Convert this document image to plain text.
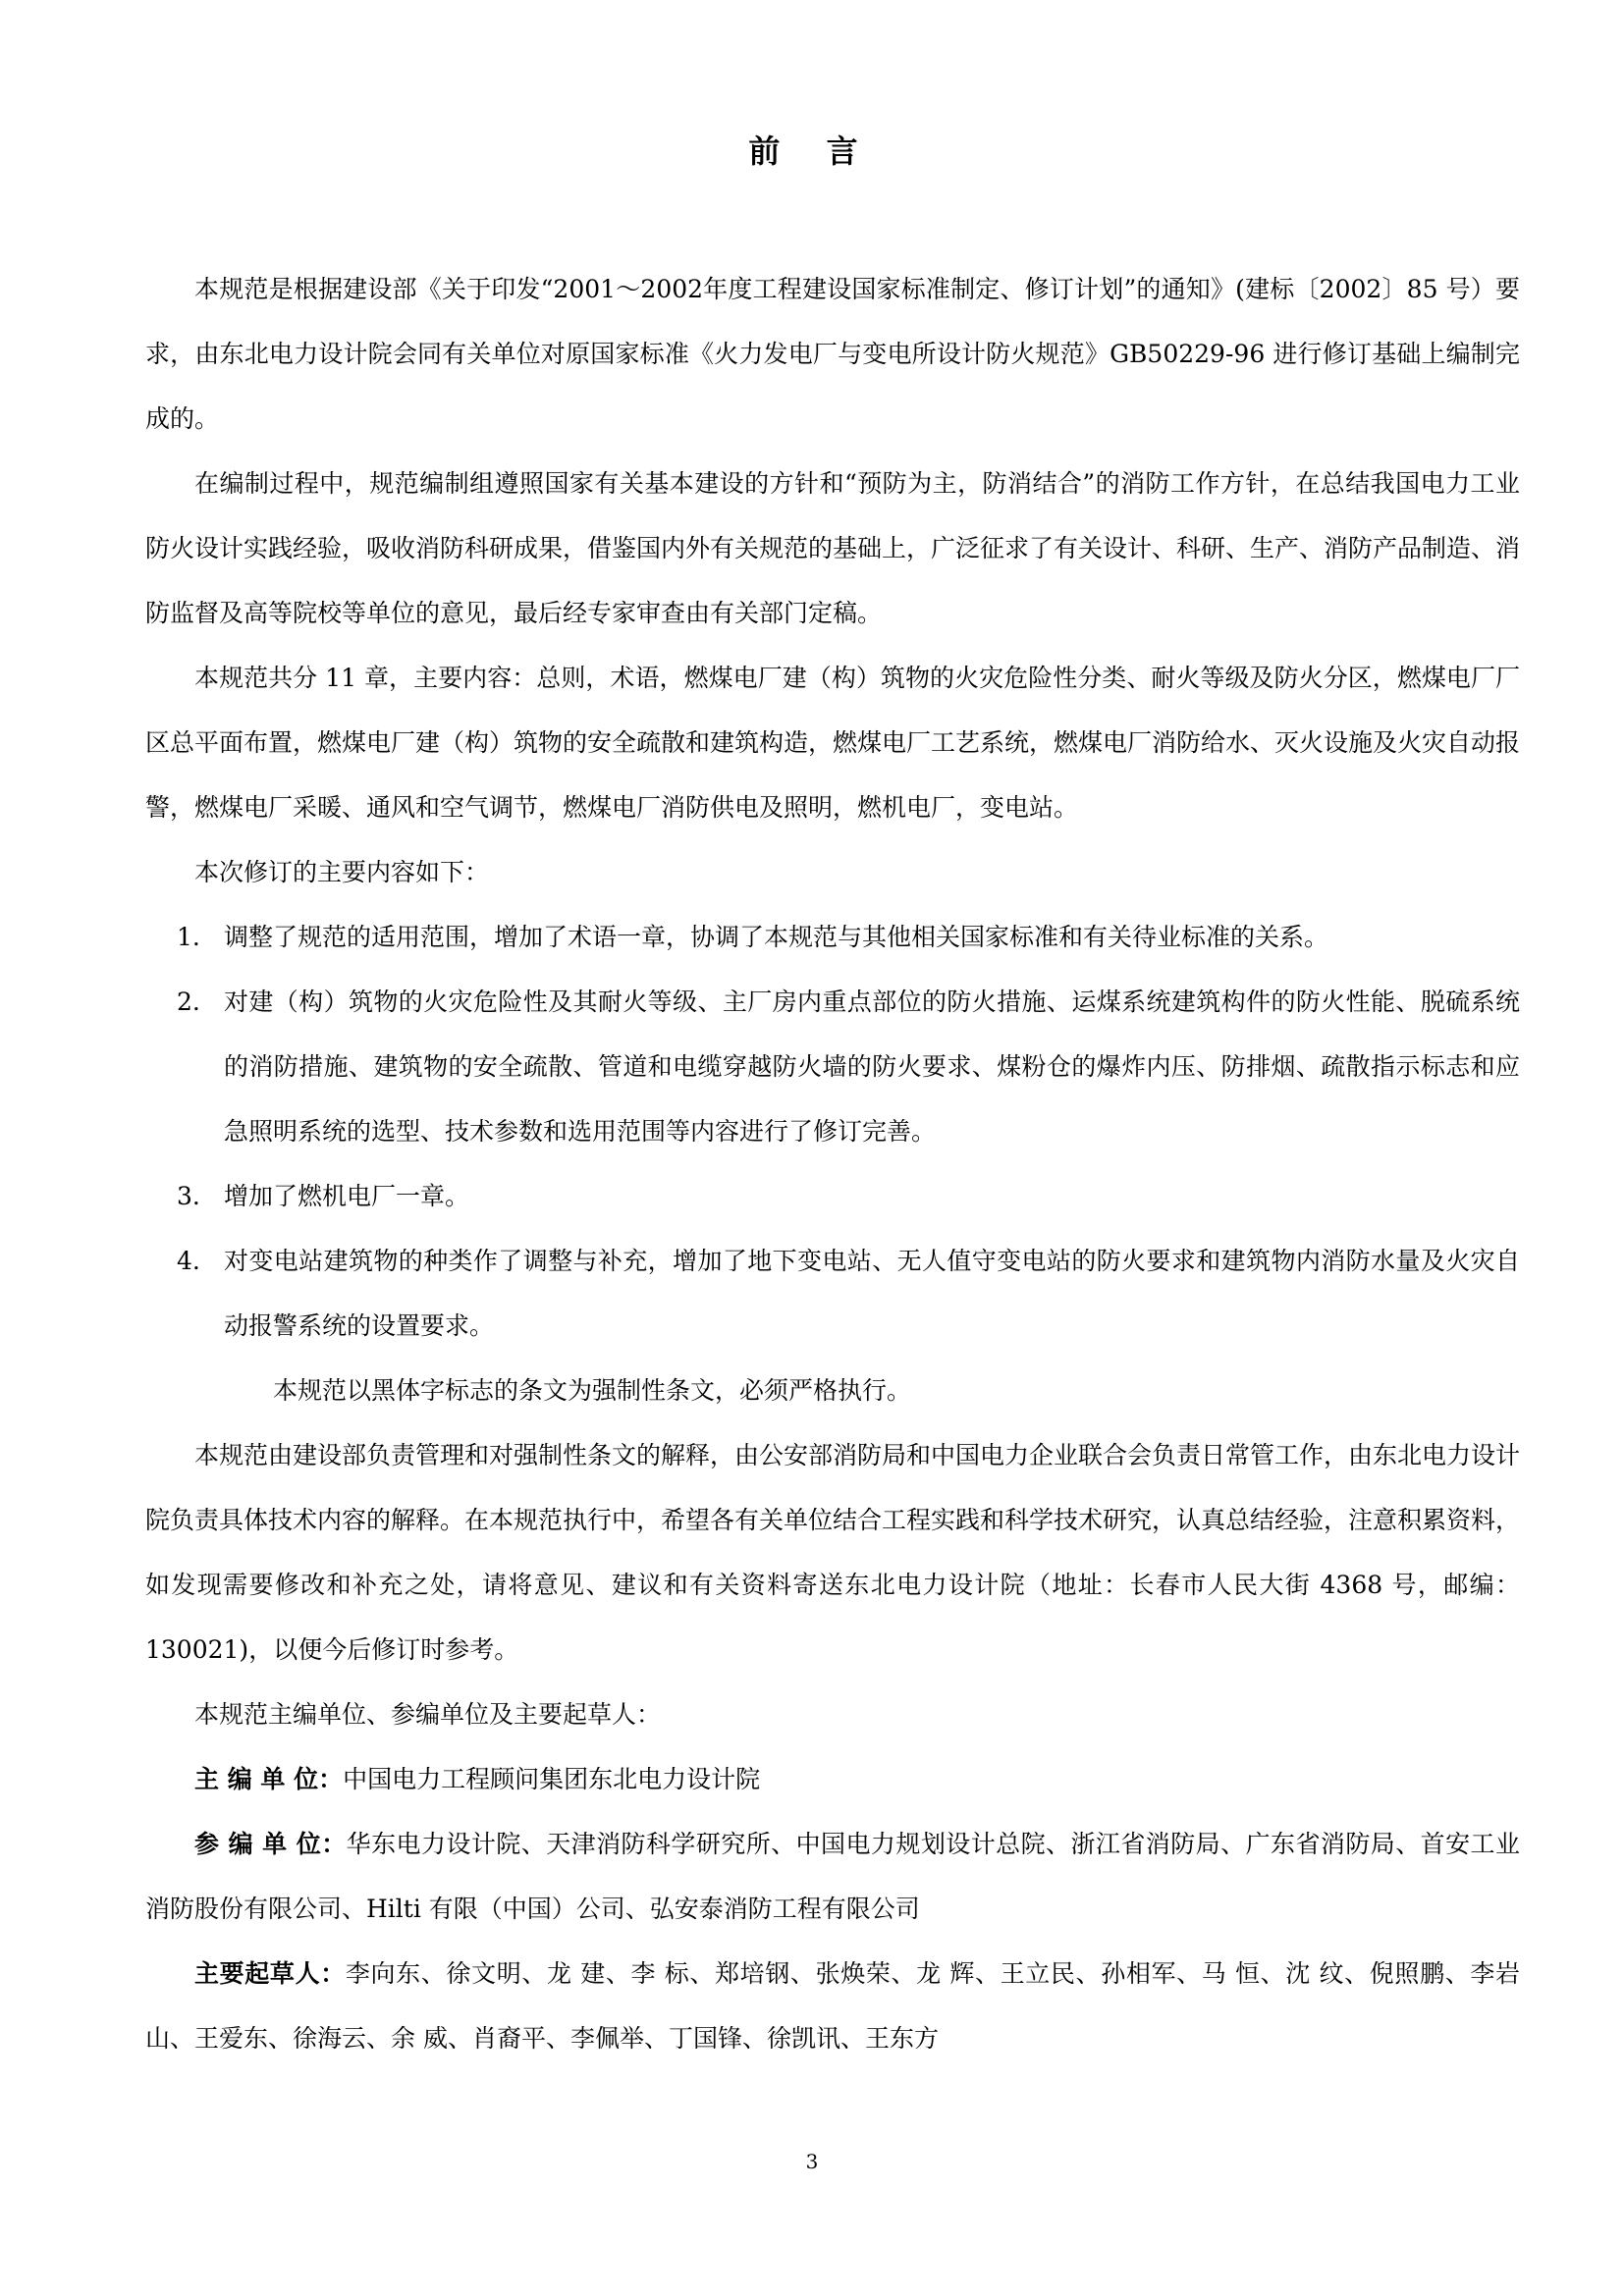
前 言

本规范是根据建设部《关于印发“2001～2002年度工程建设国家标准制定、修订计划”的通知》(建标〔2002〕85 号）要求，由东北电力设计院会同有关单位对原国家标准《火力发电厂与变电所设计防火规范》GB50229-96 进行修订基础上编制完成的。

在编制过程中，规范编制组遵照国家有关基本建设的方针和“预防为主，防消结合”的消防工作方针，在总结我国电力工业防火设计实践经验，吸收消防科研成果，借鉴国内外有关规范的基础上，广泛征求了有关设计、科研、生产、消防产品制造、消防监督及高等院校等单位的意见，最后经专家审查由有关部门定稿。

本规范共分 11 章，主要内容：总则，术语，燃煤电厂建（构）筑物的火灾危险性分类、耐火等级及防火分区，燃煤电厂厂区总平面布置，燃煤电厂建（构）筑物的安全疏散和建筑构造，燃煤电厂工艺系统，燃煤电厂消防给水、灭火设施及火灾自动报警，燃煤电厂采暖、通风和空气调节，燃煤电厂消防供电及照明，燃机电厂，变电站。

本次修订的主要内容如下：

1. 调整了规范的适用范围，增加了术语一章，协调了本规范与其他相关国家标准和有关待业标准的关系。
2. 对建（构）筑物的火灾危险性及其耐火等级、主厂房内重点部位的防火措施、运煤系统建筑构件的防火性能、脱硫系统的消防措施、建筑物的安全疏散、管道和电缆穿越防火墙的防火要求、煤粉仓的爆炸内压、防排烟、疏散指示标志和应急照明系统的选型、技术参数和选用范围等内容进行了修订完善。
3. 增加了燃机电厂一章。
4. 对变电站建筑物的种类作了调整与补充，增加了地下变电站、无人值守变电站的防火要求和建筑物内消防水量及火灾自动报警系统的设置要求。

本规范以黑体字标志的条文为强制性条文，必须严格执行。

本规范由建设部负责管理和对强制性条文的解释，由公安部消防局和中国电力企业联合会负责日常管工作，由东北电力设计院负责具体技术内容的解释。在本规范执行中，希望各有关单位结合工程实践和科学技术研究，认真总结经验，注意积累资料，如发现需要修改和补充之处，请将意见、建议和有关资料寄送东北电力设计院（地址：长春市人民大街 4368 号，邮编：130021)，以便今后修订时参考。

本规范主编单位、参编单位及主要起草人：

主 编 单 位：中国电力工程顾问集团东北电力设计院

参 编 单 位：华东电力设计院、天津消防科学研究所、中国电力规划设计总院、浙江省消防局、广东省消防局、首安工业消防股份有限公司、Hilti 有限（中国）公司、弘安泰消防工程有限公司

主要起草人：李向东、徐文明、龙 建、李 标、郑培钢、张焕荣、龙 辉、王立民、孙相军、马 恒、沈 纹、倪照鹏、李岩山、王爱东、徐海云、余 威、肖裔平、李佩举、丁国锋、徐凯讯、王东方

3
